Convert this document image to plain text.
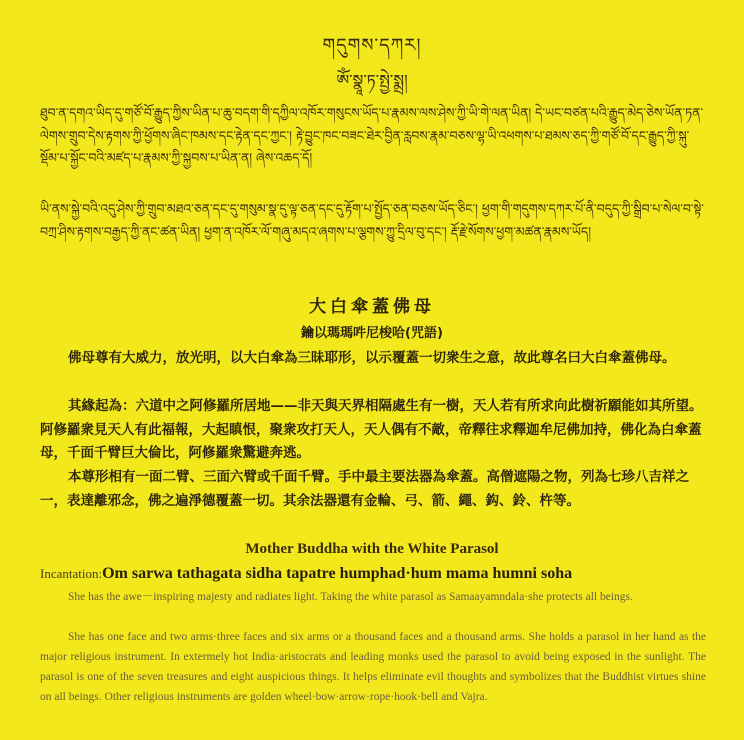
གདུགས་དཀར།
ཨོཾ་སྣཱ་ཏ་སྤྱེ་སྨྲ།
ཐུབ་ན་དགའ་ཡིད་དུ་གཙོ་བོ་རྒྱུད་ཀྱིས་ཡིན་པ་ཆུ་བདག་གི་དཀྱིལ་འཁོར་གསུངས་ཡོད་པ་རྣམས་ལས་ཤེས་ཀྱི་ཡི་གེ་ལན་ཡིན། དེ་ཡང་བཙན་པའི་རྒྱུད་མེད་ཅེས་ཡོན་ཏན་ལེགས་གྲུབ་དེས་རྟགས་ཀྱི་ཕྱོགས་ཞིང་ཁམས་དང་རྟེན་དང་ཀྱང་། རྟེ་བྱུང་ཁང་བཟང་ཐེར་བྱིན་རླབས་རྣམ་བཅས་ལྷ་ཡི་འཕགས་པ་ཐམས་ཅད་ཀྱི་གཙོ་བོ་དང་རྒྱུད་ཀྱི་སྐུ་སྡོམ་པ་སྐྱོང་བའི་མཛད་པ་རྣམས་ཀྱི་སྐྱབས་པ་ཡིན་ན། ཞེས་འཆད་དོ།
ཡི་ནས་སྐྱེ་བའི་འདུ་ཤེས་ཀྱི་གྲུབ་མཐའ་ཅན་དང་དུ་གསུམ་སྣ་དུ་ལྟ་ཅན་དང་དུ་རྟོག་པ་སྤྱོད་ཅན་བཅས་ཡོད་ཅིང་། ཕྱག་གི་གདུགས་དཀར་པོ་ནི་བདུད་ཀྱི་སྒྲིབ་པ་སེལ་བ་སྟེ་བཀྲ་ཤིས་རྟགས་བརྒྱད་ཀྱི་ནང་ཚན་ཡིན། ཕྱག་ན་འཁོར་ལོ་གཞུ་མདའ་ཞགས་པ་ལྕགས་ཀྱུ་དྲིལ་བུ་དང་། རྡོ་རྗེ་སོགས་ཕྱག་མཚན་རྣམས་ཡོད།
大白傘蓋佛母
鑰以瑪瑪吽尼梭哈(咒語)
佛母尊有大威力，放光明，以大白傘為三昧耶形，以示覆蓋一切衆生之意，故此尊名曰大白傘蓋佛母。
其緣起為：六道中之阿修羅所居地——非天與天界相隔處生有一樹，天人若有所求向此樹祈願能如其所望。阿修羅衆見天人有此福報，大起瞋恨，聚衆攻打天人，天人偶有不敵，帝釋往求釋迦牟尼佛加持，佛化為白傘蓋母，千面千臂巨大倫比，阿修羅衆驚避奔逃。
本尊形相有一面二臂、三面六臂或千面千臂。手中最主要法器為傘蓋。高僧遮陽之物，列為七珍八吉祥之一，表達離邪念，佛之遍淨德覆蓋一切。其余法器還有金輪、弓、箭、繩、鈎、鈴、杵等。
Mother Buddha with the White Parasol
Incantation:Om sarwa tathagata sidha tapatre humphad·hum mama humni soha
She has the awe－inspiring majesty and radiates light. Taking the white parasol as Samaayamndala·she protects all beings.
She has one face and two arms·three faces and six arms or a thousand faces and a thousand arms. She holds a parasol in her hand as the major religious instrument. In extermely hot India·aristocrats and leading monks used the parasol to avoid being exposed in the sunlight. The parasol is one of the seven treasures and eight auspicious things. It helps eliminate evil thoughts and symbolizes that the Buddhist virtues shine on all beings. Other religious instruments are golden wheel·bow·arrow·rope·hook·bell and Vajra.
